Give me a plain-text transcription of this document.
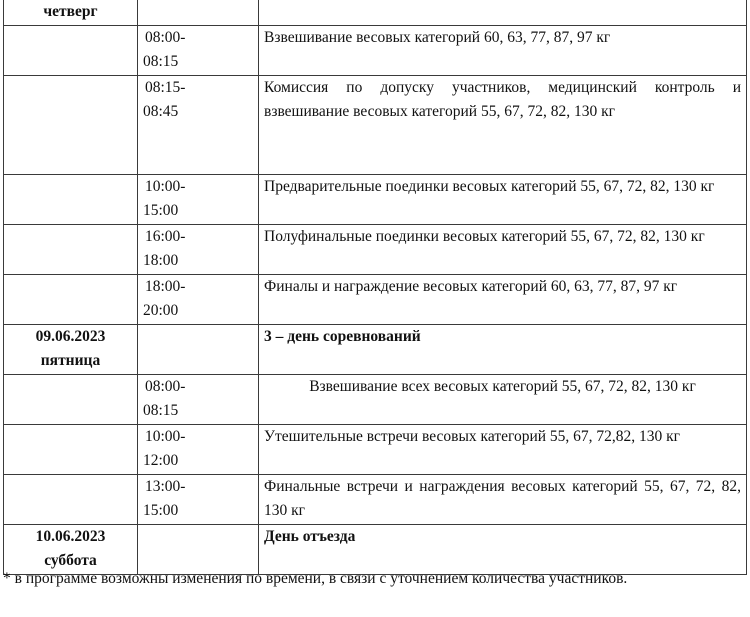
четверг		

	08:00-
08:15	Взвешивание весовых категорий 60, 63, 77, 87, 97 кг

	08:15-
08:45	Комиссия по допуску участников, медицинский контроль и взвешивание весовых категорий 55, 67, 72, 82, 130 кг

	10:00-
15:00	Предварительные поединки весовых категорий 55, 67, 72, 82, 130 кг

	16:00-
18:00	Полуфинальные поединки весовых категорий 55, 67, 72, 82, 130 кг

	18:00-
20:00	Финалы и награждение весовых категорий 60, 63, 77, 87, 97 кг

09.06.2023
пятница		3 – день соревнований

	08:00-
08:15	Взвешивание всех весовых категорий 55, 67, 72, 82, 130 кг

	10:00-
12:00	Утешительные встречи весовых категорий 55, 67, 72,82, 130 кг

	13:00-
15:00	Финальные встречи и награждения весовых категорий 55, 67, 72, 82, 130 кг

10.06.2023
суббота		День отъезда
* в программе возможны изменения по времени, в связи с уточнением количества участников.
